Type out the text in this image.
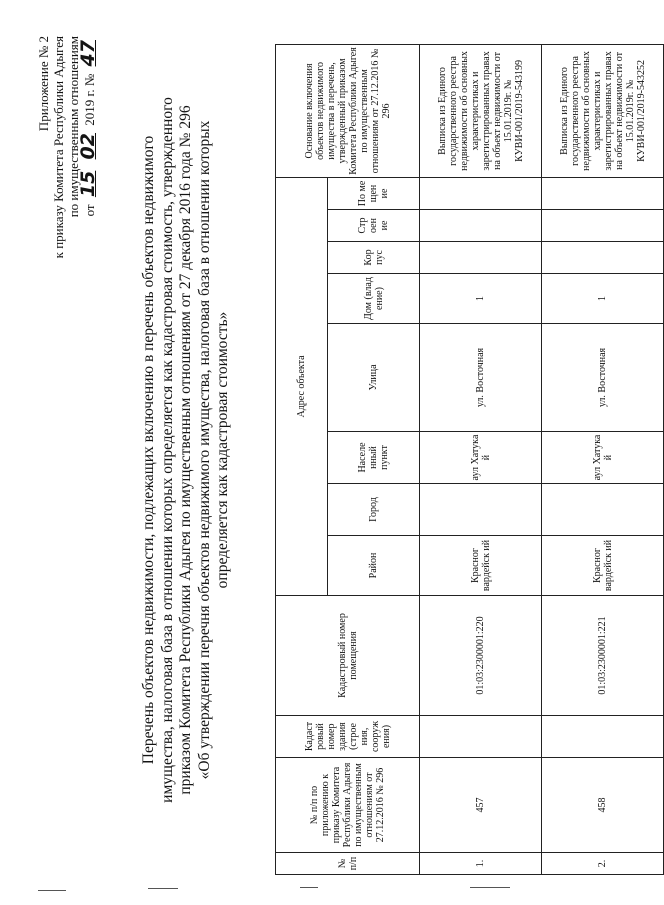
Приложение № 2 к приказу Комитета Республики Адыгея по имущественным отношениям от 15 02 2019 г. № 47
Перечень объектов недвижимости, подлежащих включению в перечень объектов недвижимого имущества, налоговая база в отношении которых определяется как кадастровая стоимость, утвержденного приказом Комитета Республики Адыгея по имущественным отношениям от 27 декабря 2016 года № 296 «Об утверждении перечня объектов недвижимого имущества, налоговая база в отношении которых определяется как кадастровая стоимость»
№ п/п	№ п/п по приложению к приказу Комитета Республики Адыгея по имущественным отношениям от 27.12.2016 № 296	Кадаст ровый номер здания (строе ния, сооруж ения)	Кадастровый номер помещения	Адрес объекта								Основание включения объектов недвижимого имущества в перечень, утвержденный приказом Комитета Республики Адыгея по имущественным отношениям от 27.12.2016 № 296
				Район	Город	Населе нный пункт	Улица	Дом (влад ение)	Кор пус	Стр оен ие	По ме щен ие	
1.	457		01:03:2300001:220	Красног вардейск ий		аул Хатукa й	ул. Восточная	1				Выписка из Единого государственного реестра недвижимости об основных характеристиках и зарегистрированных правах на объект недвижимости от 15.01.2019г. № КУВИ-001/2019-543199
2.	458		01:03:2300001:221	Красног вардейск ий		аул Хатука й	ул. Восточная	1				Выписка из Единого государственного реестра недвижимости об основных характеристиках и зарегистрированных правах на объект недвижимости от 15.01.2019г. № КУВИ-001/2019-543252
